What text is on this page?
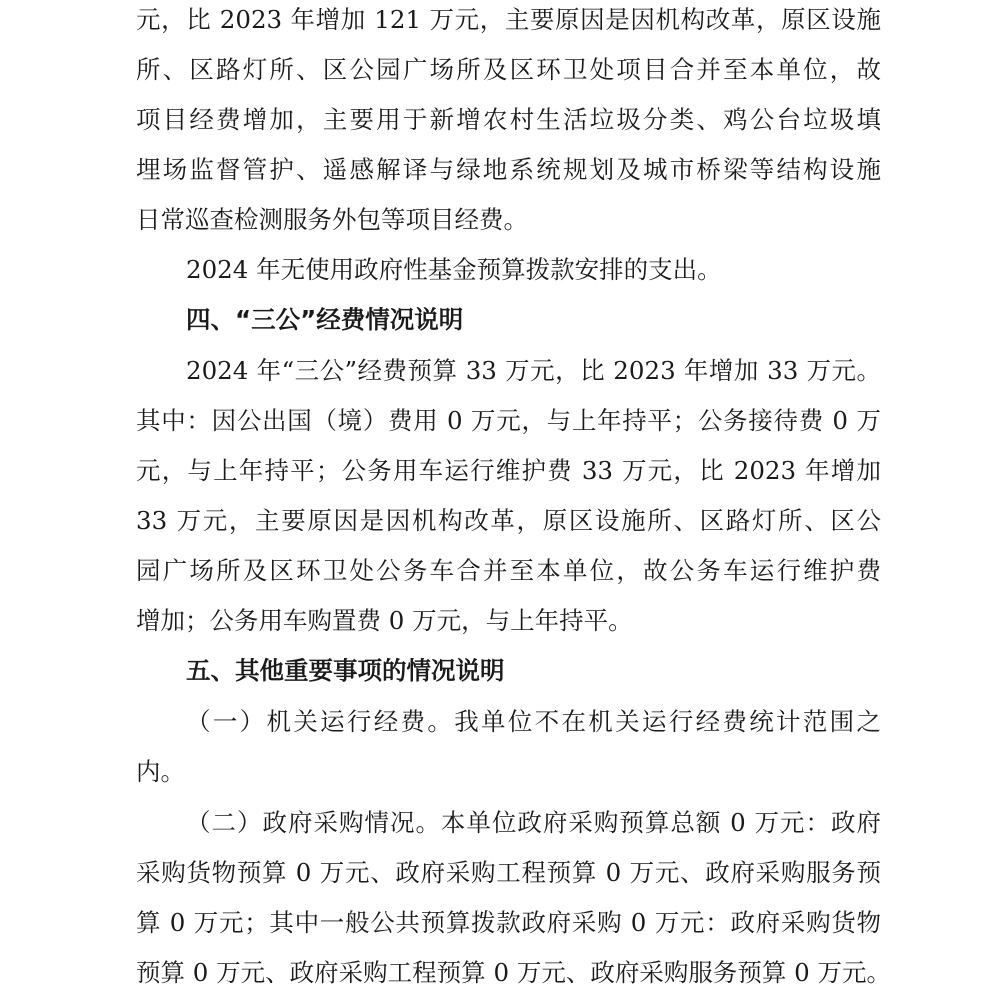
元，比 2023 年增加 121 万元，主要原因是因机构改革，原区设施
所、区路灯所、区公园广场所及区环卫处项目合并至本单位，故
项目经费增加，主要用于新增农村生活垃圾分类、鸡公台垃圾填
埋场监督管护、遥感解译与绿地系统规划及城市桥梁等结构设施
日常巡查检测服务外包等项目经费。
2024 年无使用政府性基金预算拨款安排的支出。
四、“三公”经费情况说明
2024 年“三公”经费预算 33 万元，比 2023 年增加 33 万元。
其中：因公出国（境）费用 0 万元，与上年持平；公务接待费 0 万
元，与上年持平；公务用车运行维护费 33 万元，比 2023 年增加
33 万元，主要原因是因机构改革，原区设施所、区路灯所、区公
园广场所及区环卫处公务车合并至本单位，故公务车运行维护费
增加；公务用车购置费 0 万元，与上年持平。
五、其他重要事项的情况说明
（一）机关运行经费。我单位不在机关运行经费统计范围之
内。
（二）政府采购情况。本单位政府采购预算总额 0 万元：政府
采购货物预算 0 万元、政府采购工程预算 0 万元、政府采购服务预
算 0 万元；其中一般公共预算拨款政府采购 0 万元：政府采购货物
预算 0 万元、政府采购工程预算 0 万元、政府采购服务预算 0 万元。
